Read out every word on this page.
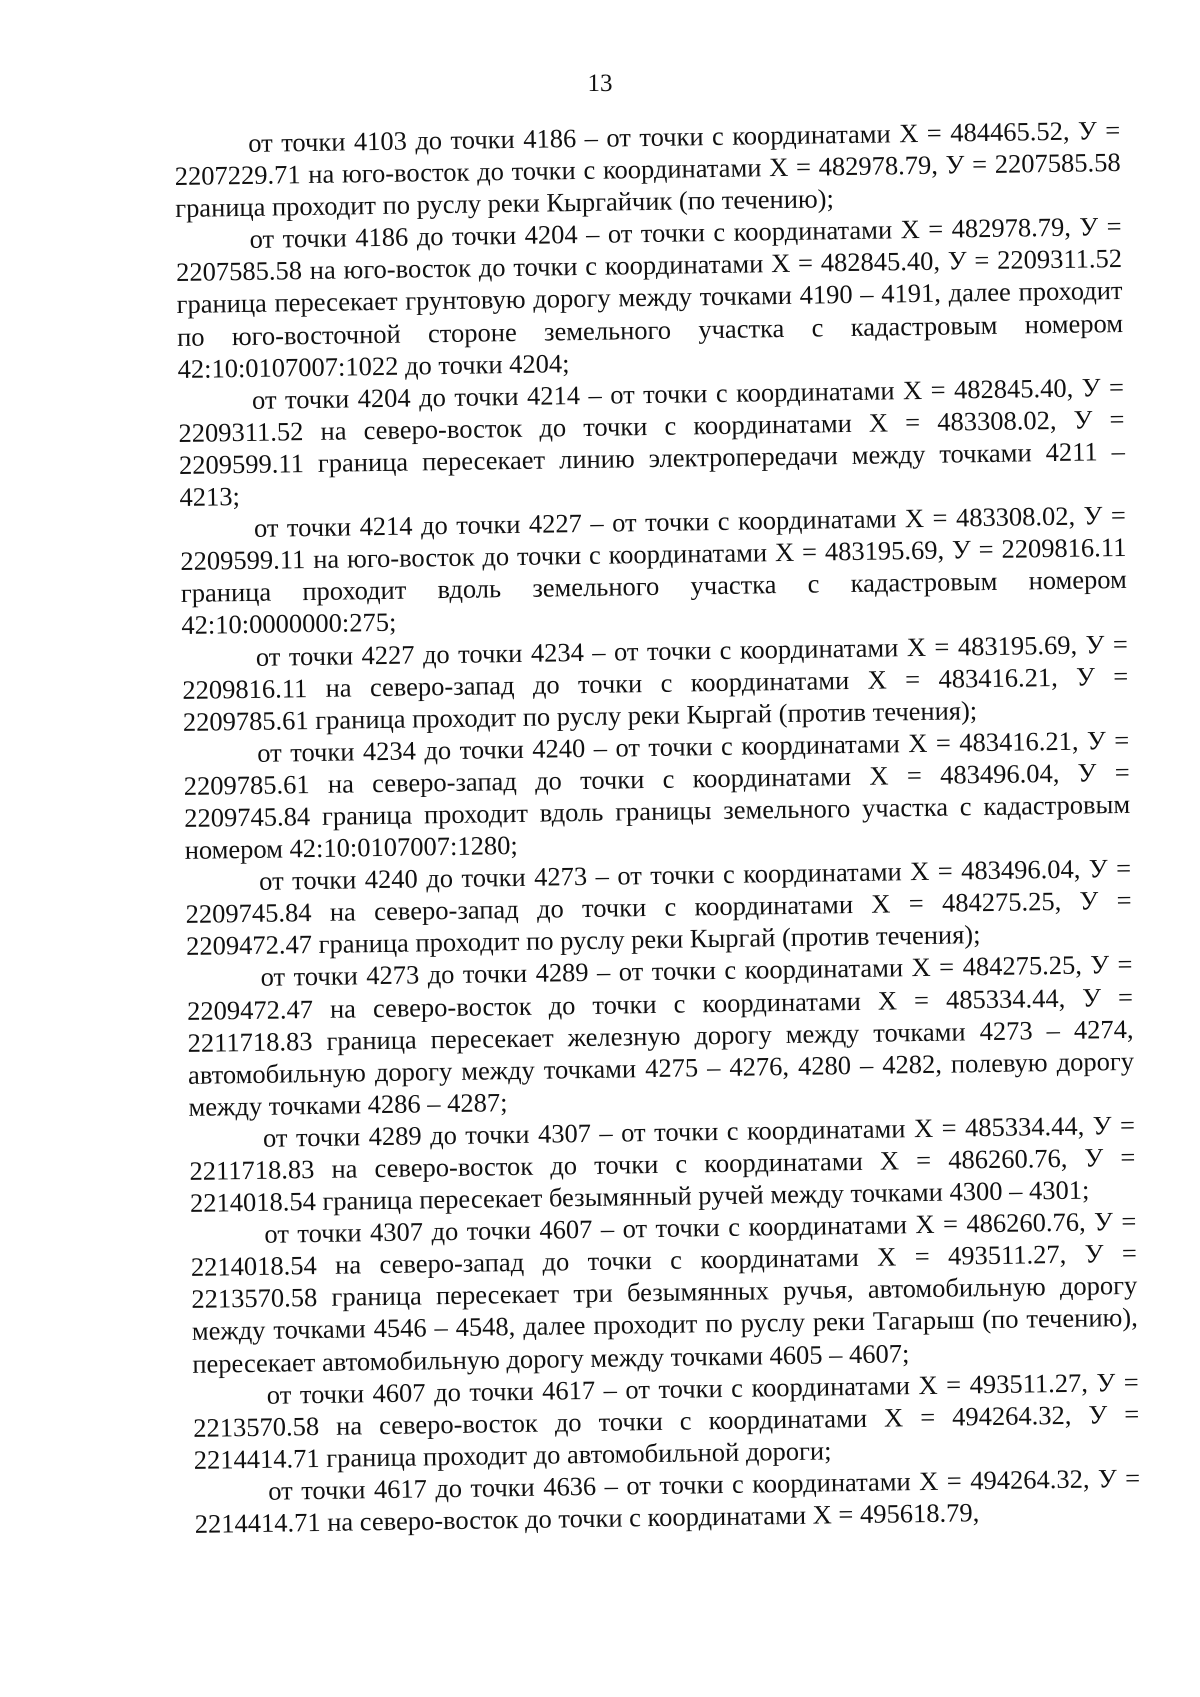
13

от точки 4103 до точки 4186 – от точки с координатами Х = 484465.52, У = 2207229.71 на юго-восток до точки с координатами Х = 482978.79, У = 2207585.58 граница проходит по руслу реки Кыргайчик (по течению);

от точки 4186 до точки 4204 – от точки с координатами Х = 482978.79, У = 2207585.58 на юго-восток до точки с координатами Х = 482845.40, У = 2209311.52 граница пересекает грунтовую дорогу между точками 4190 – 4191, далее проходит по юго-восточной стороне земельного участка с кадастровым номером 42:10:0107007:1022 до точки 4204;

от точки 4204 до точки 4214 – от точки с координатами Х = 482845.40, У = 2209311.52 на северо-восток до точки с координатами Х = 483308.02, У = 2209599.11 граница пересекает линию электропередачи между точками 4211 – 4213;

от точки 4214 до точки 4227 – от точки с координатами Х = 483308.02, У = 2209599.11 на юго-восток до точки с координатами Х = 483195.69, У = 2209816.11 граница проходит вдоль земельного участка с кадастровым номером 42:10:0000000:275;

от точки 4227 до точки 4234 – от точки с координатами Х = 483195.69, У = 2209816.11 на северо-запад до точки с координатами Х = 483416.21, У = 2209785.61 граница проходит по руслу реки Кыргай (против течения);

от точки 4234 до точки 4240 – от точки с координатами Х = 483416.21, У = 2209785.61 на северо-запад до точки с координатами Х = 483496.04, У = 2209745.84 граница проходит вдоль границы земельного участка с кадастровым номером 42:10:0107007:1280;

от точки 4240 до точки 4273 – от точки с координатами Х = 483496.04, У = 2209745.84 на северо-запад до точки с координатами Х = 484275.25, У = 2209472.47 граница проходит по руслу реки Кыргай (против течения);

от точки 4273 до точки 4289 – от точки с координатами Х = 484275.25, У = 2209472.47 на северо-восток до точки с координатами Х = 485334.44, У = 2211718.83 граница пересекает железную дорогу между точками 4273 – 4274, автомобильную дорогу между точками 4275 – 4276, 4280 – 4282, полевую дорогу между точками 4286 – 4287;

от точки 4289 до точки 4307 – от точки с координатами Х = 485334.44, У = 2211718.83 на северо-восток до точки с координатами Х = 486260.76, У = 2214018.54 граница пересекает безымянный ручей между точками 4300 – 4301;

от точки 4307 до точки 4607 – от точки с координатами Х = 486260.76, У = 2214018.54 на северо-запад до точки с координатами Х = 493511.27, У = 2213570.58 граница пересекает три безымянных ручья, автомобильную дорогу между точками 4546 – 4548, далее проходит по руслу реки Тагарыш (по течению), пересекает автомобильную дорогу между точками 4605 – 4607;

от точки 4607 до точки 4617 – от точки с координатами Х = 493511.27, У = 2213570.58 на северо-восток до точки с координатами Х = 494264.32, У = 2214414.71 граница проходит до автомобильной дороги;

от точки 4617 до точки 4636 – от точки с координатами Х = 494264.32, У = 2214414.71 на северо-восток до точки с координатами Х = 495618.79,
